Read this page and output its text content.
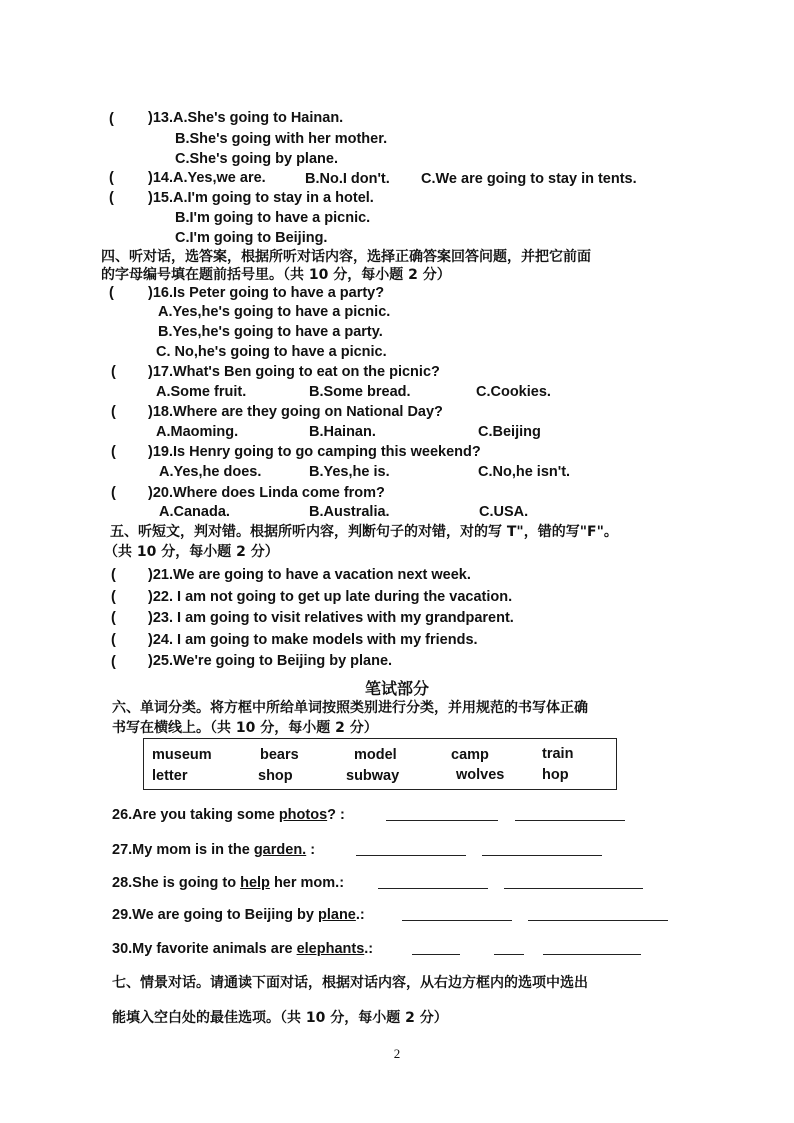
( )13.A.She's going to Hainan.
B.She's going with her mother.
C.She's going by plane.
( )14.A.Yes,we are.	B.No.I don't. C.We are going to stay in tents.
( )15.A.I'm going to stay in a hotel.
B.I'm going to have a picnic.
C.I'm going to Beijing.
四、听对话，选答案，根据所听对话内容，选择正确答案回答问题，并把它前面
的字母编号填在题前括号里。（共 10 分，每小题 2 分）
( )16.Is Peter going to have a party?
A.Yes,he's going to have a picnic.
B.Yes,he's going to have a party.
C. No,he's going to have a picnic.
( )17.What's Ben going to eat on the picnic?
A.Some fruit.	B.Some bread.	C.Cookies.
( )18.Where are they going on National Day?
A.Maoming.	B.Hainan.	C.Beijing
( )19.Is Henry going to go camping this weekend?
A.Yes,he does.	B.Yes,he is.	C.No,he isn't.
( )20.Where does Linda come from?
A.Canada.	B.Australia.	C.USA.
五、听短文，判对错。根据所听内容，判断句子的对错，对的写 T"，错的写"F"。
（共 10 分，每小题 2 分）
( )21.We are going to have a vacation next week.
( )22. I am not going to get up late during the vacation.
( )23. I am going to visit relatives with my grandparent.
( )24. I am going to make models with my friends.
( )25.We're going to Beijing by plane.
笔试部分
六、单词分类。将方框中所给单词按照类别进行分类，并用规范的书写体正确
书写在横线上。（共 10 分，每小题 2 分）
museum	bears	model	camp	train
letter	shop	subway	wolves	hop
26.Are you taking some photos? :
27.My mom is in the garden. :
28.She is going to help her mom.:
29.We are going to Beijing by plane.:
30.My favorite animals are elephants.:
七、情景对话。请通读下面对话，根据对话内容，从右边方框内的选项中选出
能填入空白处的最佳选项。（共 10 分，每小题 2 分）
2
